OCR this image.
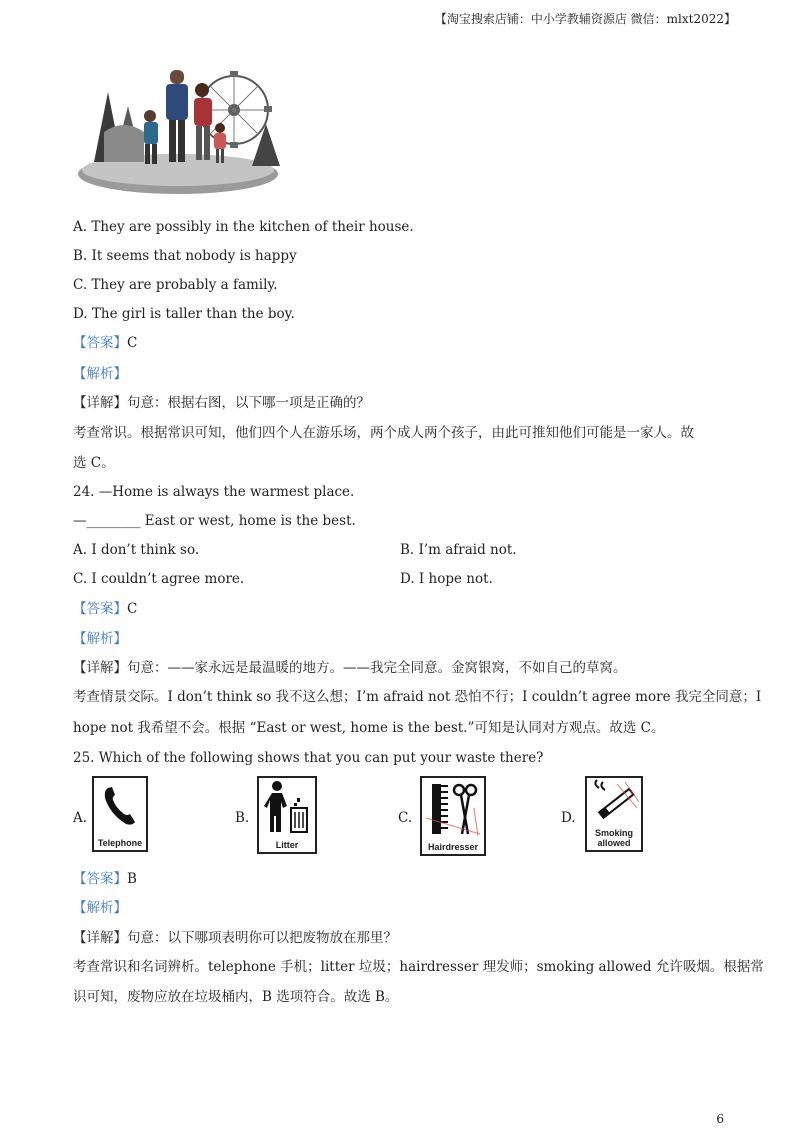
【淘宝搜索店铺：中小学教辅资源店 微信：mlxt2022】
A. They are possibly in the kitchen of their house.
B. It seems that nobody is happy
C. They are probably a family.
D. The girl is taller than the boy.
【答案】C
【解析】
【详解】句意：根据右图，以下哪一项是正确的？
考查常识。根据常识可知，他们四个人在游乐场，两个成人两个孩子，由此可推知他们可能是一家人。故
选 C。
24. —Home is always the warmest place.
—________ East or west, home is the best.
A. I don’t think so.	B. I’m afraid not.
C. I couldn’t agree more.	D. I hope not.
【答案】C
【解析】
【详解】句意：——家永远是最温暖的地方。——我完全同意。金窝银窝，不如自己的草窝。
考查情景交际。I don’t think so 我不这么想；I’m afraid not 恐怕不行；I couldn’t agree more 我完全同意；I
hope not 我希望不会。根据 “East or west, home is the best.”可知是认同对方观点。故选 C。
25. Which of the following shows that you can put your waste there?
A.
Telephone
B.
Litter
C.
Hairdresser
D.
Smoking allowed
【答案】B
【解析】
【详解】句意：以下哪项表明你可以把废物放在那里？
考查常识和名词辨析。telephone 手机；litter 垃圾；hairdresser 理发师；smoking allowed 允许吸烟。根据常
识可知，废物应放在垃圾桶内，B 选项符合。故选 B。
6
